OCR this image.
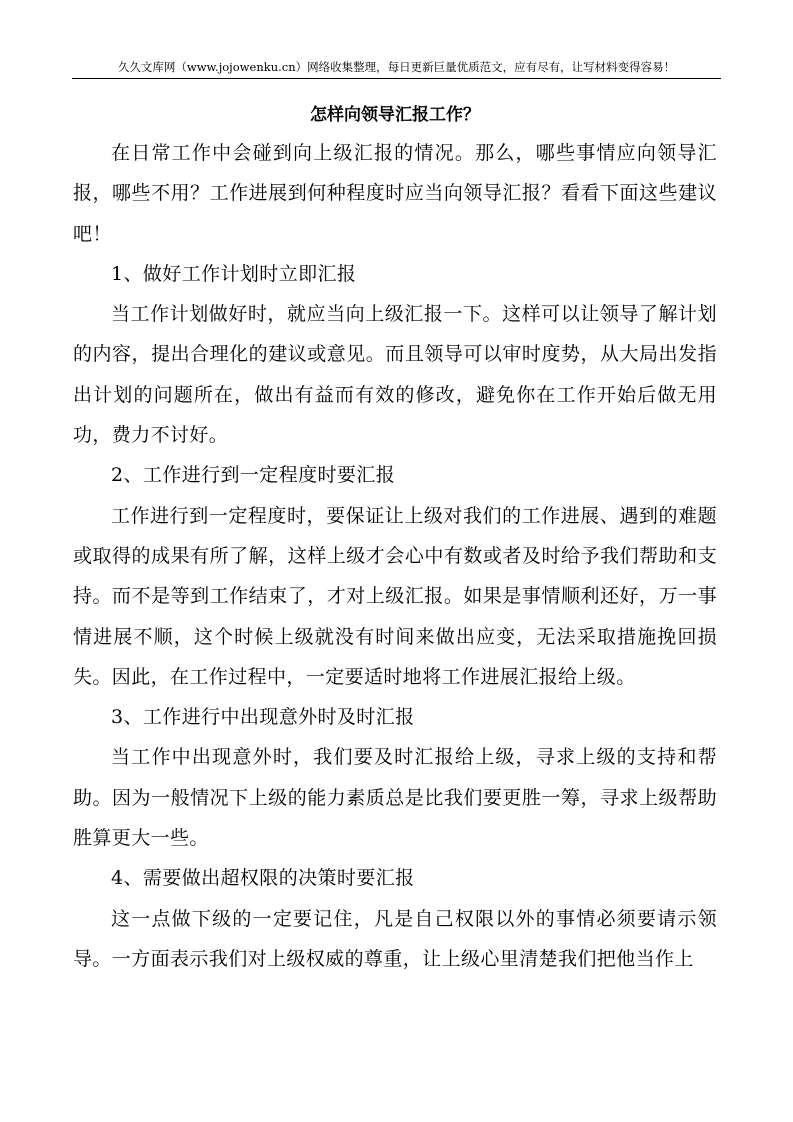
久久文库网（www.jojowenku.cn）网络收集整理，每日更新巨量优质范文，应有尽有，让写材料变得容易！
怎样向领导汇报工作？

在日常工作中会碰到向上级汇报的情况。那么，哪些事情应向领导汇报，哪些不用？工作进展到何种程度时应当向领导汇报？看看下面这些建议吧！

1、做好工作计划时立即汇报

当工作计划做好时，就应当向上级汇报一下。这样可以让领导了解计划的内容，提出合理化的建议或意见。而且领导可以审时度势，从大局出发指出计划的问题所在，做出有益而有效的修改，避免你在工作开始后做无用功，费力不讨好。

2、工作进行到一定程度时要汇报

工作进行到一定程度时，要保证让上级对我们的工作进展、遇到的难题或取得的成果有所了解，这样上级才会心中有数或者及时给予我们帮助和支持。而不是等到工作结束了，才对上级汇报。如果是事情顺利还好，万一事情进展不顺，这个时候上级就没有时间来做出应变，无法采取措施挽回损失。因此，在工作过程中，一定要适时地将工作进展汇报给上级。

3、工作进行中出现意外时及时汇报

当工作中出现意外时，我们要及时汇报给上级，寻求上级的支持和帮助。因为一般情况下上级的能力素质总是比我们要更胜一筹，寻求上级帮助胜算更大一些。

4、需要做出超权限的决策时要汇报

这一点做下级的一定要记住，凡是自己权限以外的事情必须要请示领导。一方面表示我们对上级权威的尊重，让上级心里清楚我们把他当作上
